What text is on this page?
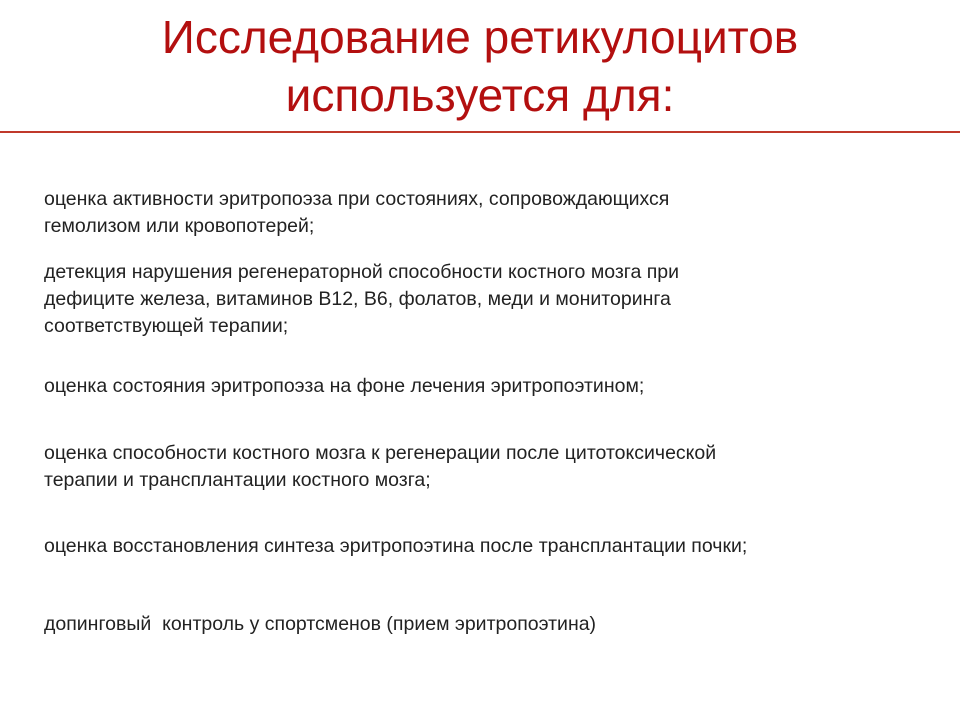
Исследование ретикулоцитов
используется для:

оценка активности эритропоэза при состояниях, сопровождающихся
гемолизом или кровопотерей;

детекция нарушения регенераторной способности костного мозга при
дефиците железа, витаминов В12, В6, фолатов, меди и мониторинга
соответствующей терапии;

оценка состояния эритропоэза на фоне лечения эритропоэтином;

оценка способности костного мозга к регенерации после цитотоксической
терапии и трансплантации костного мозга;

оценка восстановления синтеза эритропоэтина после трансплантации почки;

допинговый  контроль у спортсменов (прием эритропоэтина)
